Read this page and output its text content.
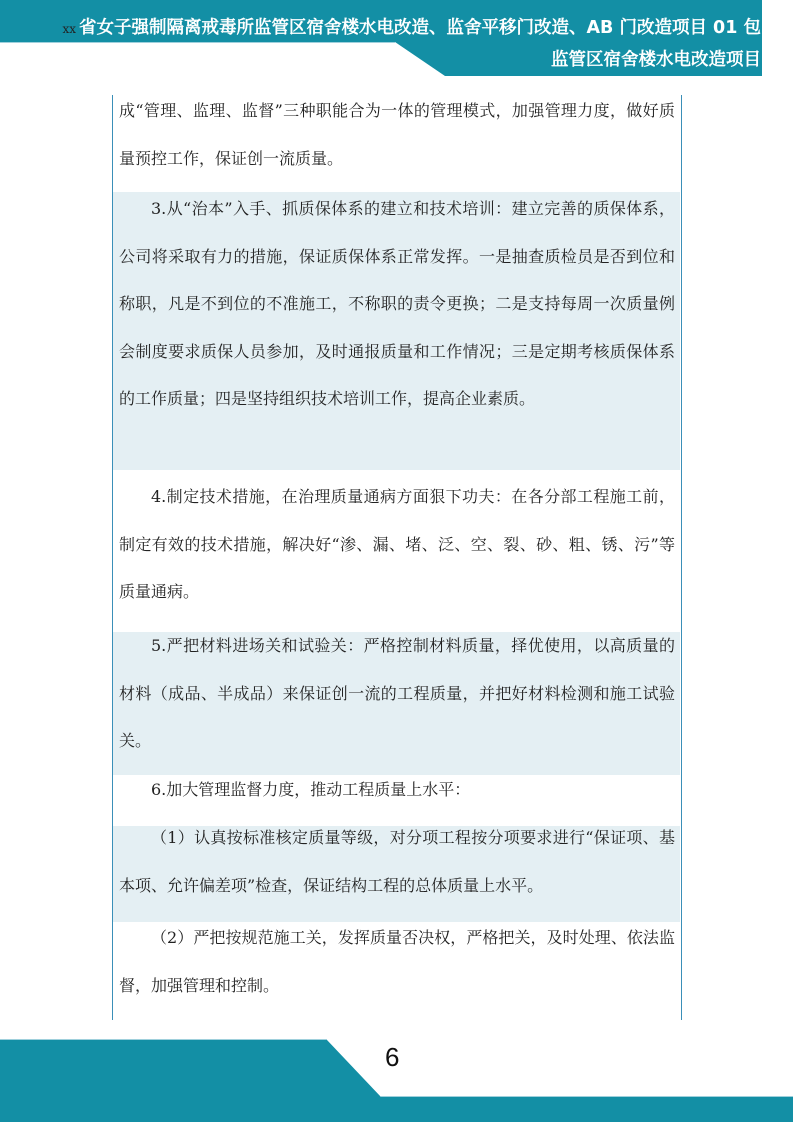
xx 省女子强制隔离戒毒所监管区宿舍楼水电改造、监舍平移门改造、AB 门改造项目 01 包
监管区宿舍楼水电改造项目
成“管理、监理、监督”三种职能合为一体的管理模式，加强管理力度，做好质量预控工作，保证创一流质量。
3.从“治本”入手、抓质保体系的建立和技术培训：建立完善的质保体系，公司将采取有力的措施，保证质保体系正常发挥。一是抽查质检员是否到位和称职，凡是不到位的不准施工，不称职的责令更换；二是支持每周一次质量例会制度要求质保人员参加，及时通报质量和工作情况；三是定期考核质保体系的工作质量；四是坚持组织技术培训工作，提高企业素质。
4.制定技术措施，在治理质量通病方面狠下功夫：在各分部工程施工前，制定有效的技术措施，解决好“渗、漏、堵、泛、空、裂、砂、粗、锈、污”等质量通病。
5.严把材料进场关和试验关：严格控制材料质量，择优使用，以高质量的材料（成品、半成品）来保证创一流的工程质量，并把好材料检测和施工试验关。
6.加大管理监督力度，推动工程质量上水平：
（1）认真按标准核定质量等级，对分项工程按分项要求进行“保证项、基本项、允许偏差项”检查，保证结构工程的总体质量上水平。
（2）严把按规范施工关，发挥质量否决权，严格把关，及时处理、依法监督，加强管理和控制。
6
